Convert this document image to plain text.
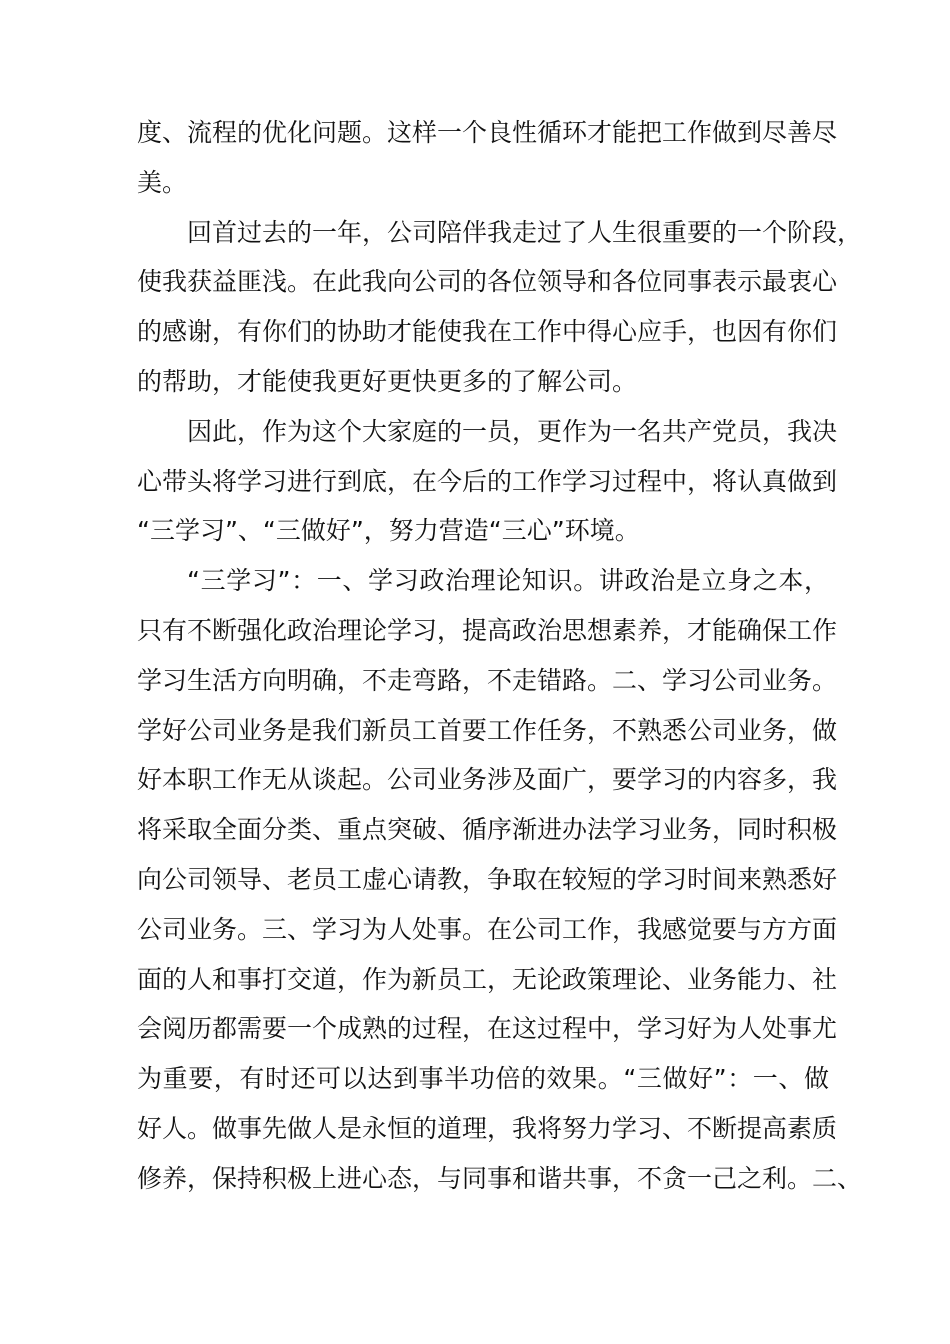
度、流程的优化问题。这样一个良性循环才能把工作做到尽善尽
美。
回首过去的一年，公司陪伴我走过了人生很重要的一个阶段，
使我获益匪浅。在此我向公司的各位领导和各位同事表示最衷心
的感谢，有你们的协助才能使我在工作中得心应手，也因有你们
的帮助，才能使我更好更快更多的了解公司。
因此，作为这个大家庭的一员，更作为一名共产党员，我决
心带头将学习进行到底，在今后的工作学习过程中，将认真做到
“三学习”、“三做好”，努力营造“三心”环境。
“三学习”：一、学习政治理论知识。讲政治是立身之本，
只有不断强化政治理论学习，提高政治思想素养，才能确保工作
学习生活方向明确，不走弯路，不走错路。二、学习公司业务。
学好公司业务是我们新员工首要工作任务，不熟悉公司业务，做
好本职工作无从谈起。公司业务涉及面广，要学习的内容多，我
将采取全面分类、重点突破、循序渐进办法学习业务，同时积极
向公司领导、老员工虚心请教，争取在较短的学习时间来熟悉好
公司业务。三、学习为人处事。在公司工作，我感觉要与方方面
面的人和事打交道，作为新员工，无论政策理论、业务能力、社
会阅历都需要一个成熟的过程，在这过程中，学习好为人处事尤
为重要，有时还可以达到事半功倍的效果。“三做好”：一、做
好人。做事先做人是永恒的道理，我将努力学习、不断提高素质
修养，保持积极上进心态，与同事和谐共事，不贪一己之利。二、
